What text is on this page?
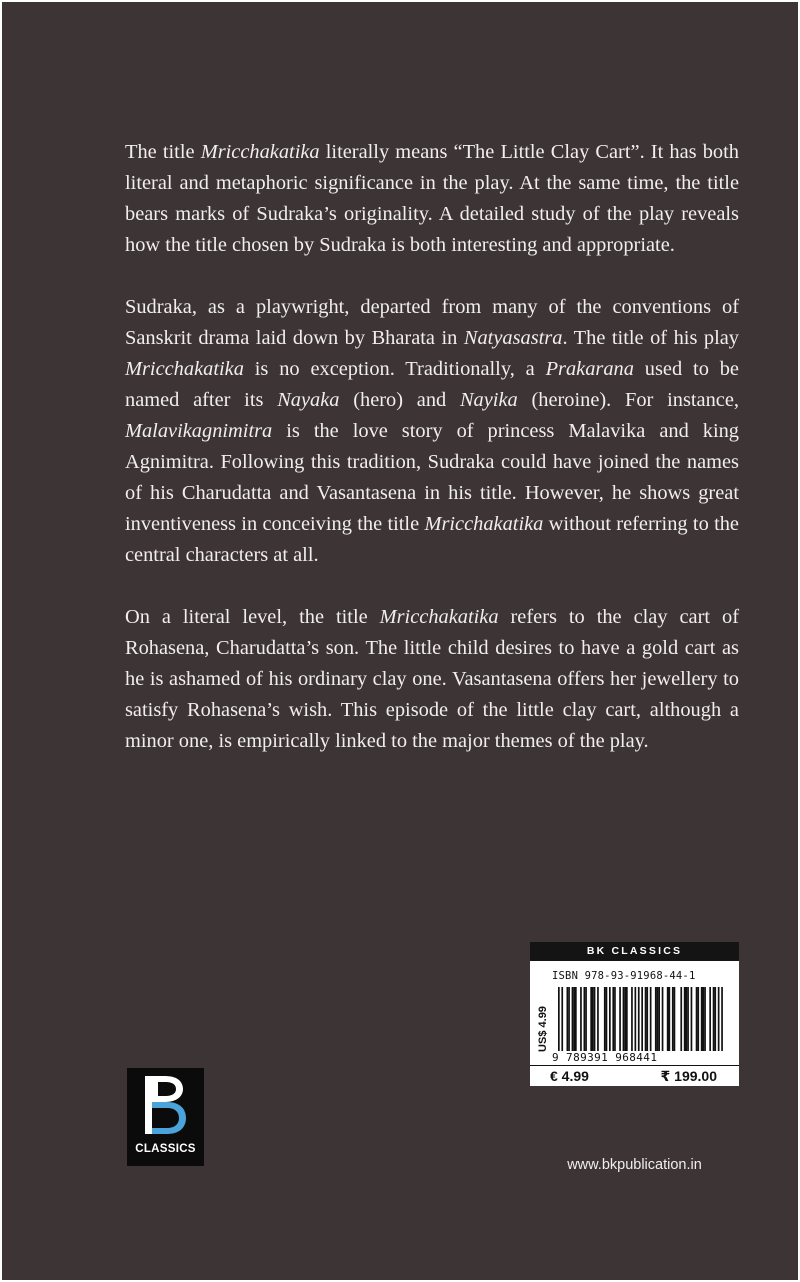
The title Mricchakatika literally means “The Little Clay Cart”. It has both literal and metaphoric significance in the play. At the same time, the title bears marks of Sudraka’s originality. A detailed study of the play reveals how the title chosen by Sudraka is both interesting and appropriate.

Sudraka, as a playwright, departed from many of the conventions of Sanskrit drama laid down by Bharata in Natyasastra. The title of his play Mricchakatika is no exception. Traditionally, a Prakarana used to be named after its Nayaka (hero) and Nayika (heroine). For instance, Malavikagnimitra is the love story of princess Malavika and king Agnimitra. Following this tradition, Sudraka could have joined the names of his Charudatta and Vasantasena in his title. However, he shows great inventiveness in conceiving the title Mricchakatika without referring to the central characters at all.

On a literal level, the title Mricchakatika refers to the clay cart of Rohasena, Charudatta’s son. The little child desires to have a gold cart as he is ashamed of his ordinary clay one. Vasantasena offers her jewellery to satisfy Rohasena’s wish. This episode of the little clay cart, although a minor one, is empirically linked to the major themes of the play.

CLASSICS
BK CLASSICS
ISBN 978-93-91968-44-1
US$ 4.99
9 789391 968441
€ 4.99	₹ 199.00
www.bkpublication.in
